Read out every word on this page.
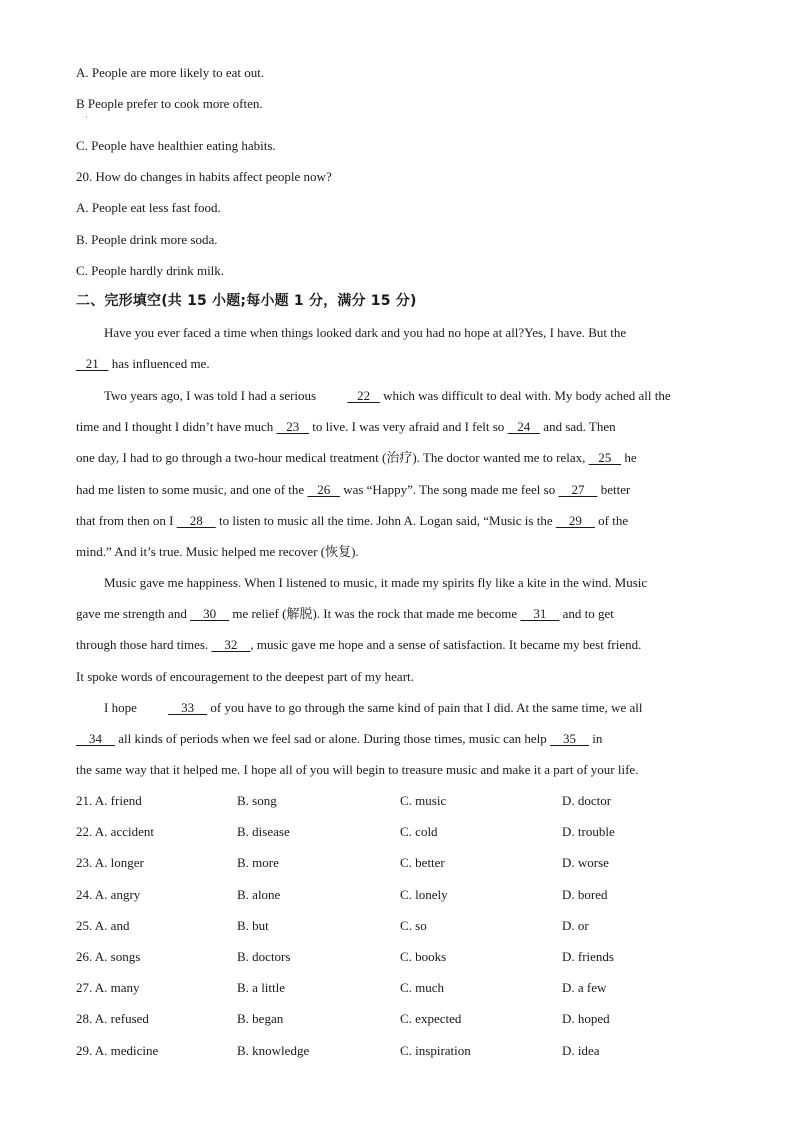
A. People are more likely to eat out.
B People prefer to cook more often.
·
C. People have healthier eating habits.
20. How do changes in habits affect people now?
A. People eat less fast food.
B. People drink more soda.
C. People hardly drink milk.
二、完形填空(共 15 小题;每小题 1 分，满分 15 分)
Have you ever faced a time when things looked dark and you had no hope at all?Yes, I have. But the
21    has influenced me.
Two years ago, I was told I had a serious    22    which was difficult to deal with. My body ached all the
time and I thought I didn’t have much    23    to live. I was very afraid and I felt so    24    and sad. Then
one day, I had to go through a two-hour medical treatment (治疗). The doctor wanted me to relax,    25    he
had me listen to some music, and one of the    26    was “Happy”. The song made me feel so     27     better
that from then on I     28     to listen to music all the time. John A. Logan said, “Music is the     29     of the
mind.” And it’s true. Music helped me recover (恢复).
Music gave me happiness. When I listened to music, it made my spirits fly like a kite in the wind. Music
gave me strength and     30     me relief (解脱). It was the rock that made me become     31     and to get
through those hard times.     32    , music gave me hope and a sense of satisfaction. It became my best friend.
It spoke words of encouragement to the deepest part of my heart.
I hope     33     of you have to go through the same kind of pain that I did. At the same time, we all
34     all kinds of periods when we feel sad or alone. During those times, music can help     35     in
the same way that it helped me. I hope all of you will begin to treasure music and make it a part of your life.
21. A. friend	B. song	C. music	D. doctor
22. A. accident	B. disease	C. cold	D. trouble
23. A. longer	B. more	C. better	D. worse
24. A. angry	B. alone	C. lonely	D. bored
25. A. and	B. but	C. so	D. or
26. A. songs	B. doctors	C. books	D. friends
27. A. many	B. a little	C. much	D. a few
28. A. refused	B. began	C. expected	D. hoped
29. A. medicine	B. knowledge	C. inspiration	D. idea
